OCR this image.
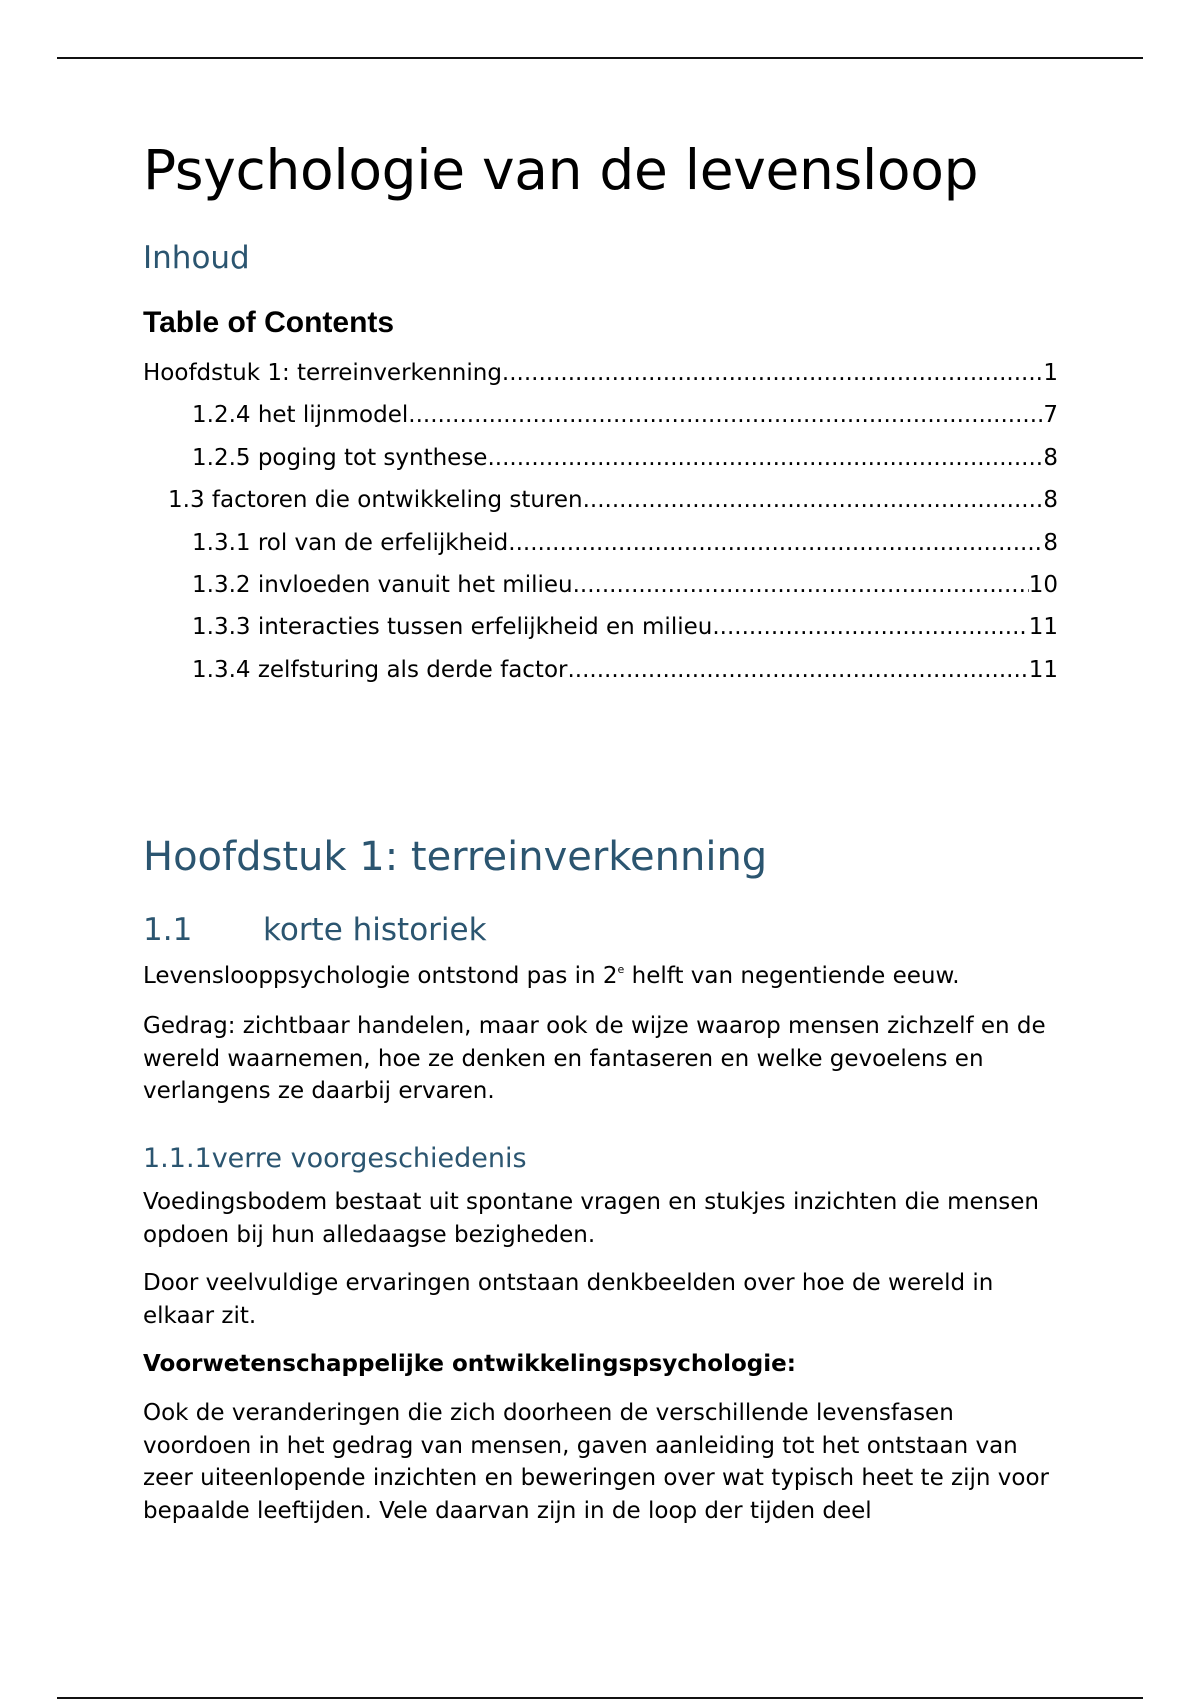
Psychologie van de levensloop
Inhoud
Table of Contents
Hoofdstuk 1: terreinverkenning .....	1
1.2.4 het lijnmodel .....	7
1.2.5 poging tot synthese .....	8
1.3 factoren die ontwikkeling sturen .....	8
1.3.1 rol van de erfelijkheid .....	8
1.3.2 invloeden vanuit het milieu .....	10
1.3.3 interacties tussen erfelijkheid en milieu .....	11
1.3.4 zelfsturing als derde factor .....	11
Hoofdstuk 1: terreinverkenning
1.1 korte historiek

Levenslooppsychologie ontstond pas in 2e helft van negentiende eeuw.

Gedrag: zichtbaar handelen, maar ook de wijze waarop mensen zichzelf en de wereld waarnemen, hoe ze denken en fantaseren en welke gevoelens en verlangens ze daarbij ervaren.

1.1.1verre voorgeschiedenis

Voedingsbodem bestaat uit spontane vragen en stukjes inzichten die mensen opdoen bij hun alledaagse bezigheden.

Door veelvuldige ervaringen ontstaan denkbeelden over hoe de wereld in elkaar zit.

Voorwetenschappelijke ontwikkelingspsychologie:

Ook de veranderingen die zich doorheen de verschillende levensfasen voordoen in het gedrag van mensen, gaven aanleiding tot het ontstaan van zeer uiteenlopende inzichten en beweringen over wat typisch heet te zijn voor bepaalde leeftijden. Vele daarvan zijn in de loop der tijden deel
